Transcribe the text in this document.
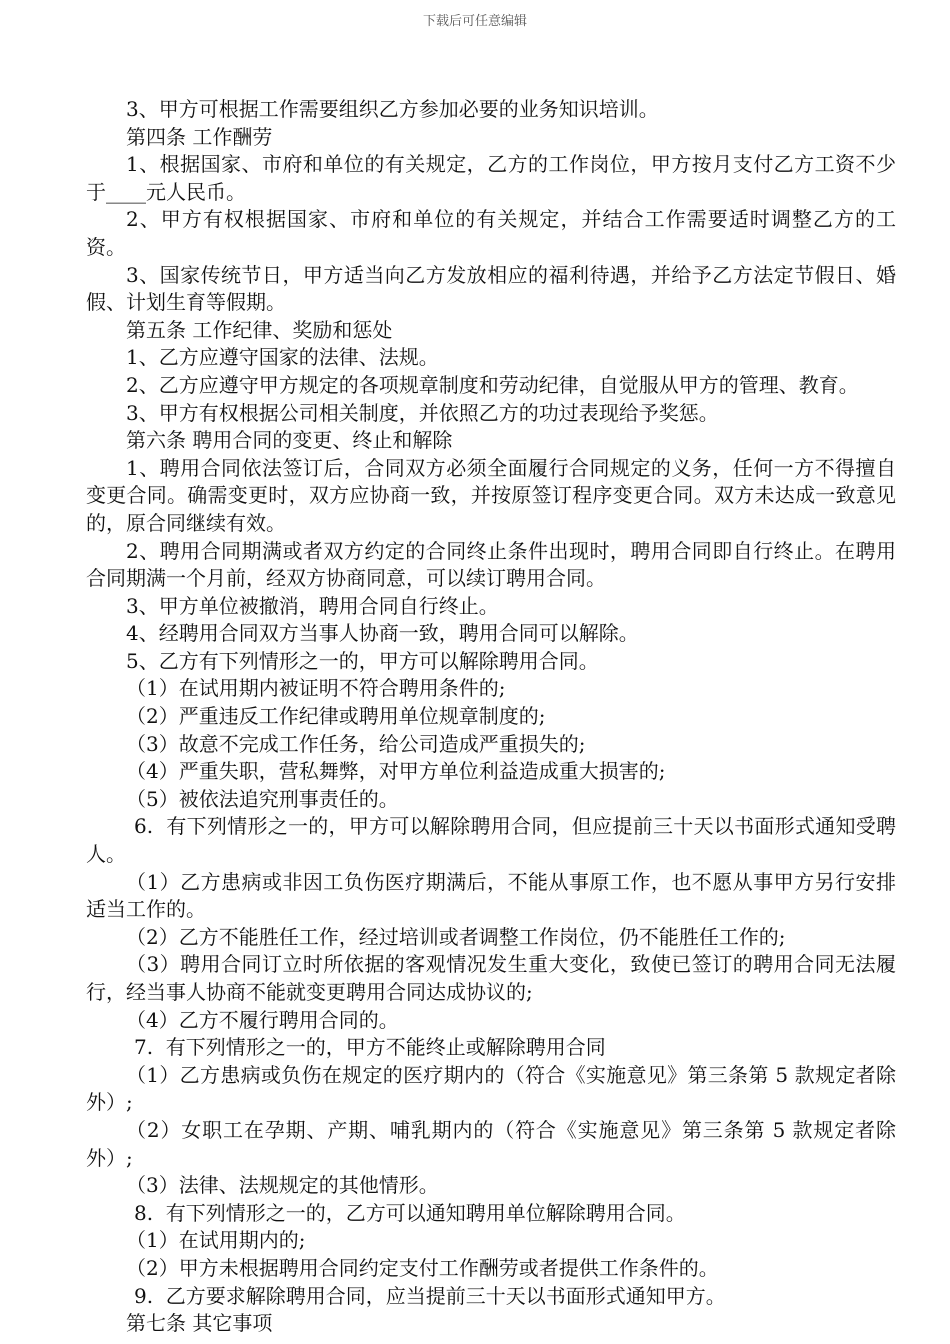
下载后可任意编辑

3、甲方可根据工作需要组织乙方参加必要的业务知识培训。

第四条 工作酬劳

1、根据国家、市府和单位的有关规定，乙方的工作岗位，甲方按月支付乙方工资不少于____元人民币。

2、甲方有权根据国家、市府和单位的有关规定，并结合工作需要适时调整乙方的工资。

3、国家传统节日，甲方适当向乙方发放相应的福利待遇，并给予乙方法定节假日、婚假、计划生育等假期。

第五条 工作纪律、奖励和惩处

1、乙方应遵守国家的法律、法规。

2、乙方应遵守甲方规定的各项规章制度和劳动纪律，自觉服从甲方的管理、教育。

3、甲方有权根据公司相关制度，并依照乙方的功过表现给予奖惩。

第六条 聘用合同的变更、终止和解除

1、聘用合同依法签订后，合同双方必须全面履行合同规定的义务，任何一方不得擅自变更合同。确需变更时，双方应协商一致，并按原签订程序变更合同。双方未达成一致意见的，原合同继续有效。

2、聘用合同期满或者双方约定的合同终止条件出现时，聘用合同即自行终止。在聘用合同期满一个月前，经双方协商同意，可以续订聘用合同。

3、甲方单位被撤消，聘用合同自行终止。

4、经聘用合同双方当事人协商一致，聘用合同可以解除。

5、乙方有下列情形之一的，甲方可以解除聘用合同。

（1）在试用期内被证明不符合聘用条件的;

（2）严重违反工作纪律或聘用单位规章制度的;

（3）故意不完成工作任务，给公司造成严重损失的;

（4）严重失职，营私舞弊，对甲方单位利益造成重大损害的;

（5）被依法追究刑事责任的。

6.  有下列情形之一的，甲方可以解除聘用合同，但应提前三十天以书面形式通知受聘人。

（1）乙方患病或非因工负伤医疗期满后，不能从事原工作，也不愿从事甲方另行安排适当工作的。

（2）乙方不能胜任工作，经过培训或者调整工作岗位，仍不能胜任工作的;

（3）聘用合同订立时所依据的客观情况发生重大变化，致使已签订的聘用合同无法履行，经当事人协商不能就变更聘用合同达成协议的;

（4）乙方不履行聘用合同的。

7.  有下列情形之一的，甲方不能终止或解除聘用合同

（1）乙方患病或负伤在规定的医疗期内的（符合《实施意见》第三条第 5 款规定者除外）;

（2）女职工在孕期、产期、哺乳期内的（符合《实施意见》第三条第 5 款规定者除外）;

（3）法律、法规规定的其他情形。

8.  有下列情形之一的，乙方可以通知聘用单位解除聘用合同。

（1）在试用期内的;

（2）甲方未根据聘用合同约定支付工作酬劳或者提供工作条件的。

9.  乙方要求解除聘用合同，应当提前三十天以书面形式通知甲方。

第七条 其它事项
